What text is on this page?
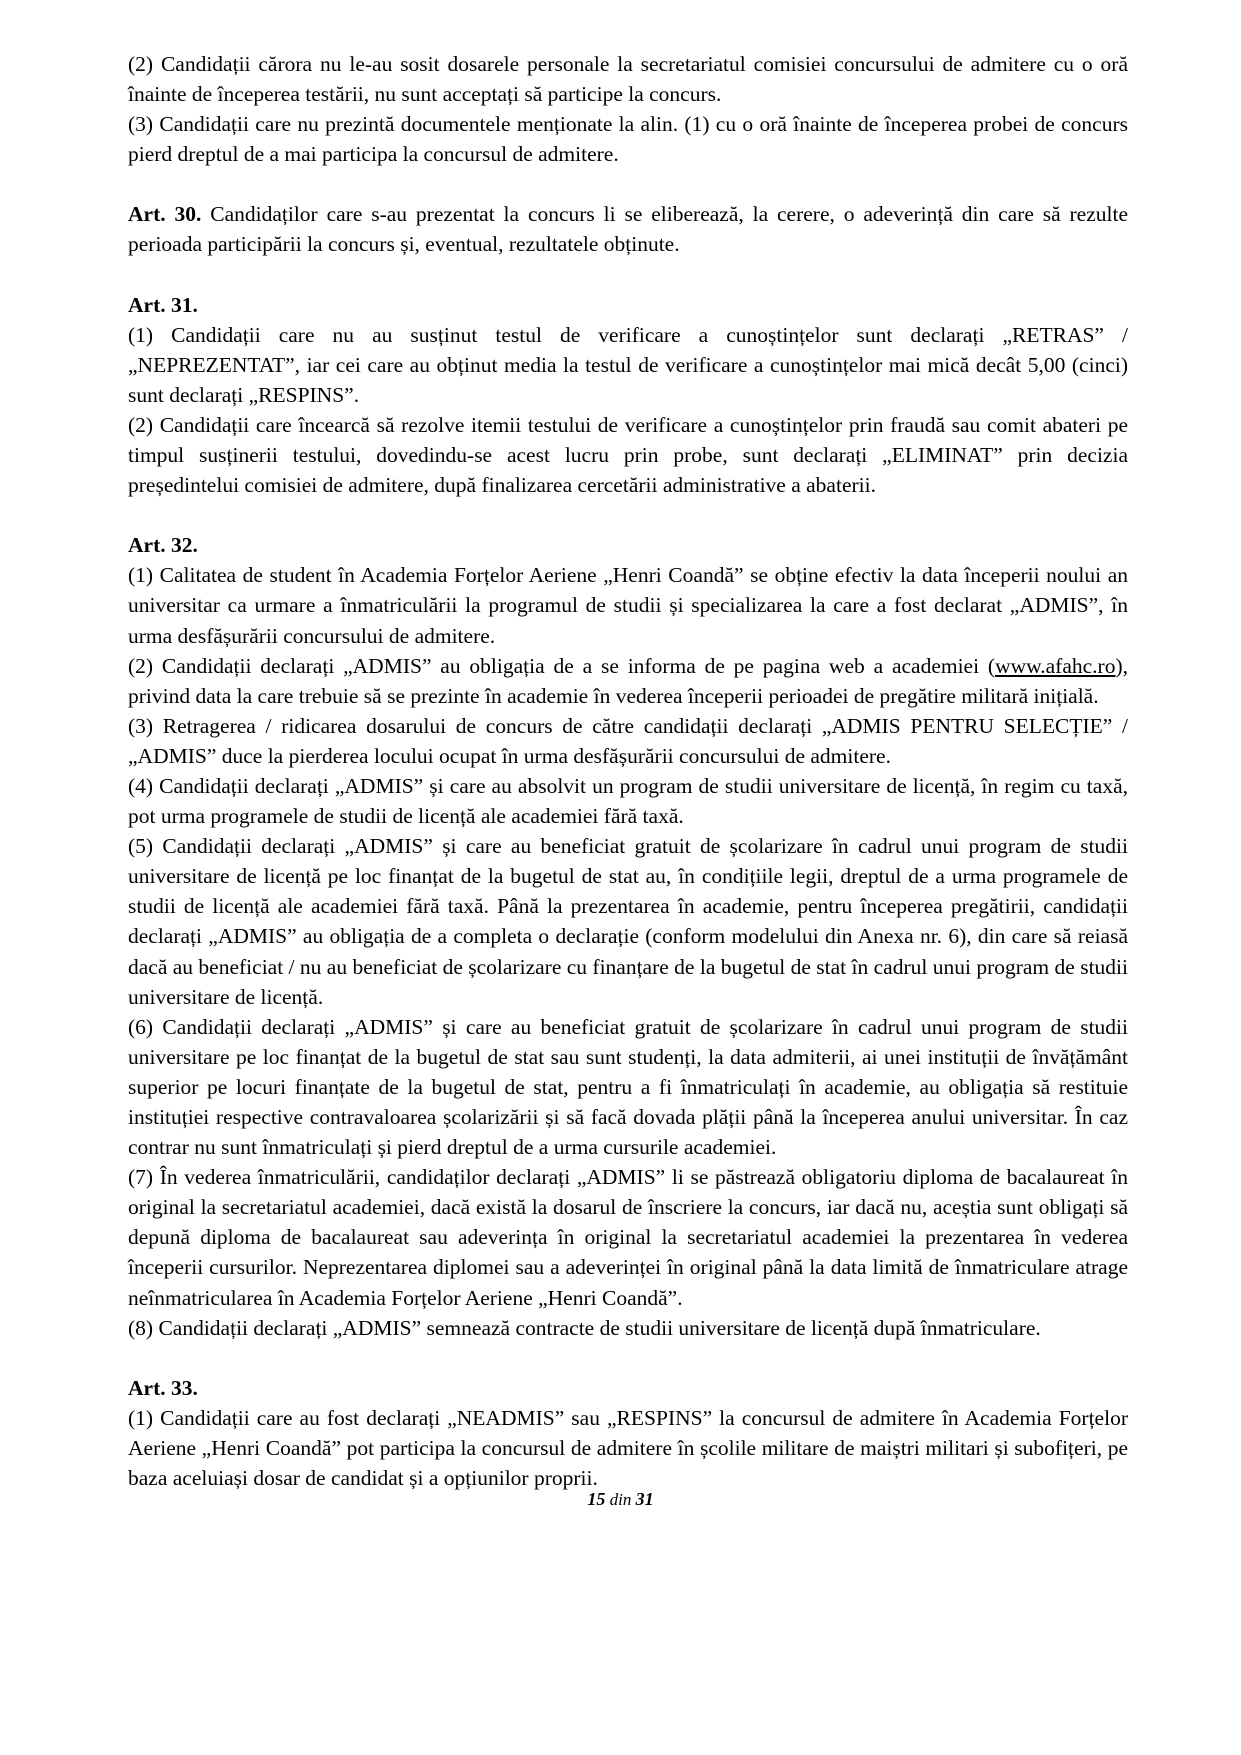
(2) Candidații cărora nu le-au sosit dosarele personale la secretariatul comisiei concursului de admitere cu o oră înainte de începerea testării, nu sunt acceptați să participe la concurs.

(3) Candidații care nu prezintă documentele menționate la alin. (1) cu o oră înainte de începerea probei de concurs pierd dreptul de a mai participa la concursul de admitere.

Art. 30. Candidaților care s-au prezentat la concurs li se eliberează, la cerere, o adeverință din care să rezulte perioada participării la concurs și, eventual, rezultatele obținute.

Art. 31.

(1) Candidații care nu au susținut testul de verificare a cunoștințelor sunt declarați „RETRAS” / „NEPREZENTAT”, iar cei care au obținut media la testul de verificare a cunoștințelor mai mică decât 5,00 (cinci) sunt declarați „RESPINS”.

(2) Candidații care încearcă să rezolve itemii testului de verificare a cunoștințelor prin fraudă sau comit abateri pe timpul susținerii testului, dovedindu-se acest lucru prin probe, sunt declarați „ELIMINAT” prin decizia președintelui comisiei de admitere, după finalizarea cercetării administrative a abaterii.

Art. 32.

(1) Calitatea de student în Academia Forțelor Aeriene „Henri Coandă” se obține efectiv la data începerii noului an universitar ca urmare a înmatriculării la programul de studii și specializarea la care a fost declarat „ADMIS”, în urma desfășurării concursului de admitere.

(2) Candidații declarați „ADMIS” au obligația de a se informa de pe pagina web a academiei (www.afahc.ro), privind data la care trebuie să se prezinte în academie în vederea începerii perioadei de pregătire militară inițială.

(3) Retragerea / ridicarea dosarului de concurs de către candidații declarați „ADMIS PENTRU SELECȚIE” / „ADMIS” duce la pierderea locului ocupat în urma desfășurării concursului de admitere.

(4) Candidații declarați „ADMIS” și care au absolvit un program de studii universitare de licență, în regim cu taxă, pot urma programele de studii de licență ale academiei fără taxă.

(5) Candidații declarați „ADMIS” și care au beneficiat gratuit de școlarizare în cadrul unui program de studii universitare de licență pe loc finanțat de la bugetul de stat au, în condițiile legii, dreptul de a urma programele de studii de licență ale academiei fără taxă. Până la prezentarea în academie, pentru începerea pregătirii, candidații declarați „ADMIS” au obligația de a completa o declarație (conform modelului din Anexa nr. 6), din care să reiasă dacă au beneficiat / nu au beneficiat de școlarizare cu finanțare de la bugetul de stat în cadrul unui program de studii universitare de licență.

(6) Candidații declarați „ADMIS” și care au beneficiat gratuit de școlarizare în cadrul unui program de studii universitare pe loc finanțat de la bugetul de stat sau sunt studenți, la data admiterii, ai unei instituții de învățământ superior pe locuri finanțate de la bugetul de stat, pentru a fi înmatriculați în academie, au obligația să restituie instituției respective contravaloarea școlarizării și să facă dovada plății până la începerea anului universitar. În caz contrar nu sunt înmatriculați și pierd dreptul de a urma cursurile academiei.

(7) În vederea înmatriculării, candidaților declarați „ADMIS” li se păstrează obligatoriu diploma de bacalaureat în original la secretariatul academiei, dacă există la dosarul de înscriere la concurs, iar dacă nu, aceștia sunt obligați să depună diploma de bacalaureat sau adeverința în original la secretariatul academiei la prezentarea în vederea începerii cursurilor. Neprezentarea diplomei sau a adeverinței în original până la data limită de înmatriculare atrage neînmatricularea în Academia Forțelor Aeriene „Henri Coandă”.

(8) Candidații declarați „ADMIS” semnează contracte de studii universitare de licență după înmatriculare.

Art. 33.

(1) Candidații care au fost declarați „NEADMIS” sau „RESPINS” la concursul de admitere în Academia Forțelor Aeriene „Henri Coandă” pot participa la concursul de admitere în școlile militare de maiștri militari și subofițeri, pe baza aceluiași dosar de candidat și a opțiunilor proprii.

15 din 31
